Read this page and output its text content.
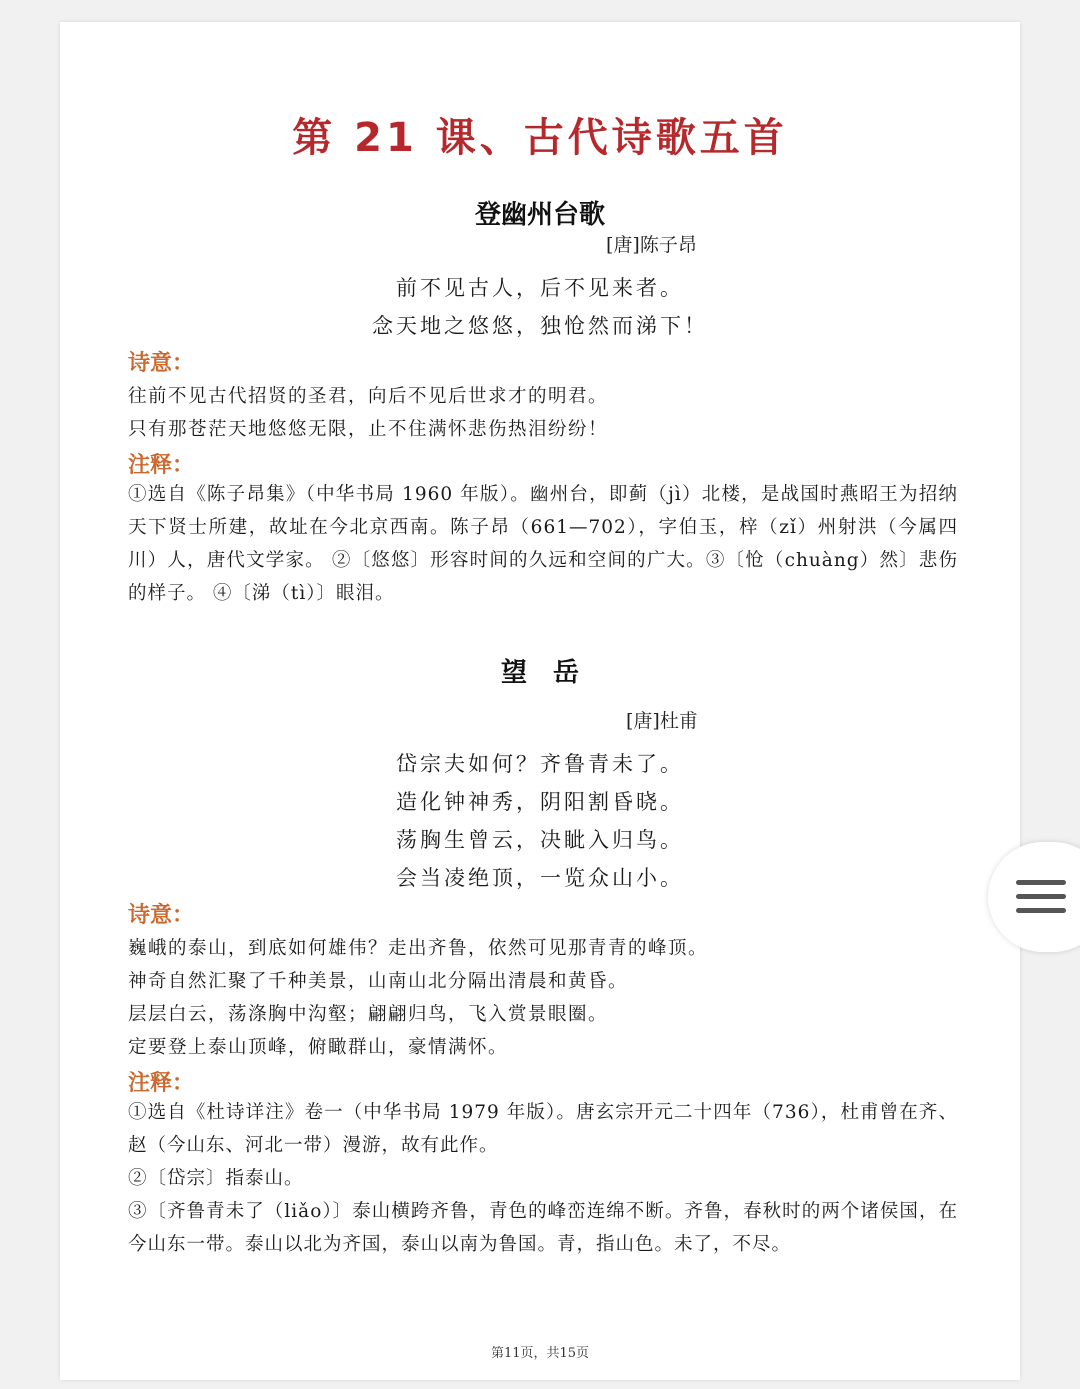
第 21 课、古代诗歌五首
登幽州台歌
[唐]陈子昂
前不见古人，后不见来者。
念天地之悠悠，独怆然而涕下！
诗意：
往前不见古代招贤的圣君，向后不见后世求才的明君。
只有那苍茫天地悠悠无限，止不住满怀悲伤热泪纷纷！
注释：
①选自《陈子昂集》（中华书局 1960 年版）。幽州台，即蓟（jì）北楼，是战国时燕昭王为招纳天下贤士所建，故址在今北京西南。陈子昂（661—702），字伯玉，梓（zǐ）州射洪（今属四川）人，唐代文学家。 ②〔悠悠〕形容时间的久远和空间的广大。③〔怆（chuàng）然〕悲伤的样子。 ④〔涕（tì）〕眼泪。
望　岳
[唐]杜甫
岱宗夫如何？齐鲁青未了。
造化钟神秀，阴阳割昏晓。
荡胸生曾云，决眦入归鸟。
会当凌绝顶，一览众山小。
诗意：
巍峨的泰山，到底如何雄伟？走出齐鲁，依然可见那青青的峰顶。
神奇自然汇聚了千种美景，山南山北分隔出清晨和黄昏。
层层白云，荡涤胸中沟壑；翩翩归鸟，飞入赏景眼圈。
定要登上泰山顶峰，俯瞰群山，豪情满怀。
注释：
①选自《杜诗详注》卷一（中华书局 1979 年版）。唐玄宗开元二十四年（736），杜甫曾在齐、赵（今山东、河北一带）漫游，故有此作。
②〔岱宗〕指泰山。
③〔齐鲁青未了（liǎo）〕泰山横跨齐鲁，青色的峰峦连绵不断。齐鲁，春秋时的两个诸侯国，在今山东一带。泰山以北为齐国，泰山以南为鲁国。青，指山色。未了，不尽。
第11页，共15页
